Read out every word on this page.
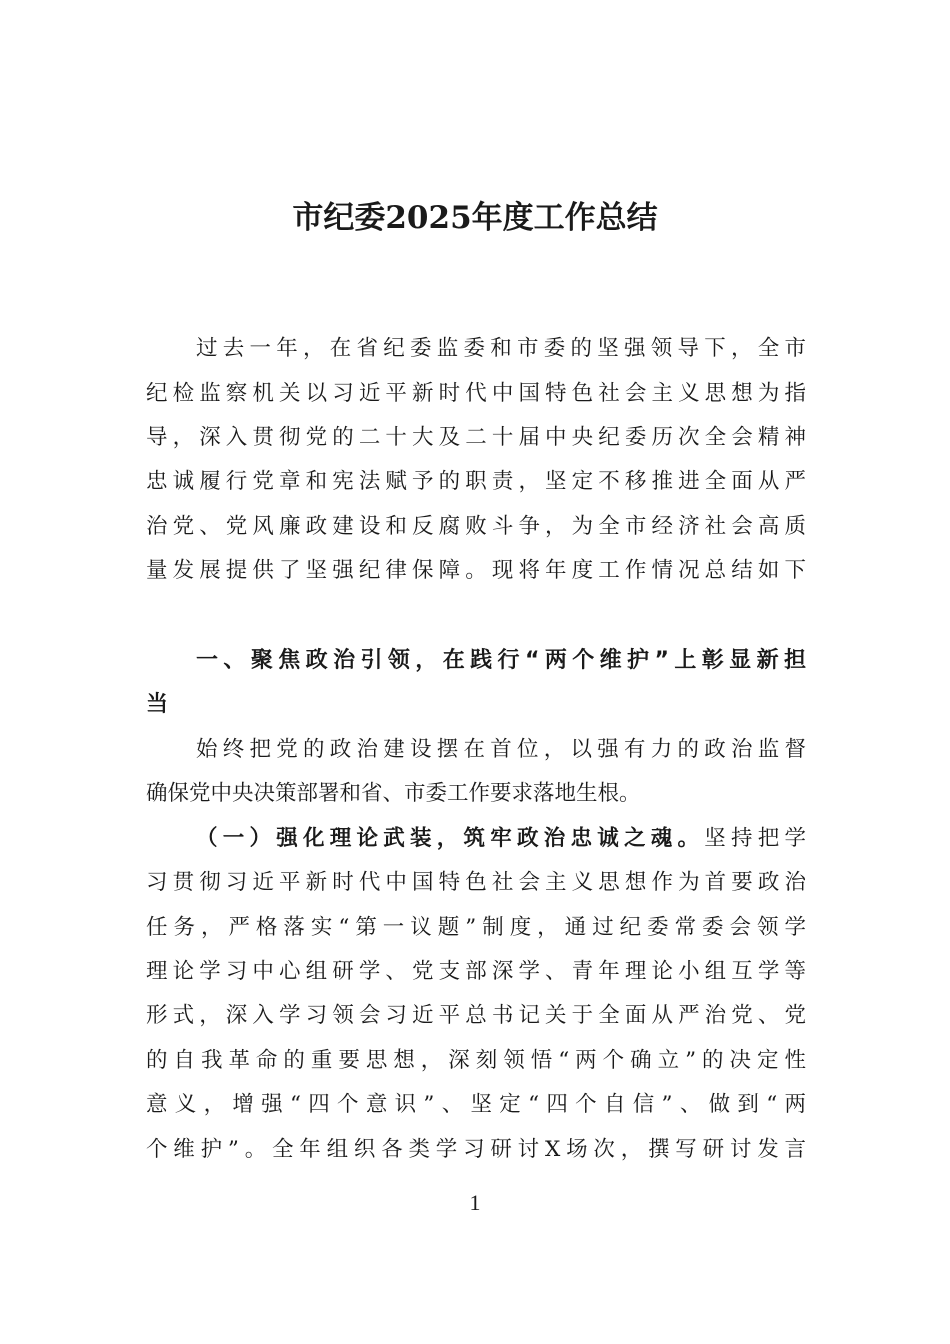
市纪委2025年度工作总结
过去一年，在省纪委监委和市委的坚强领导下，全市
纪检监察机关以习近平新时代中国特色社会主义思想为指
导，深入贯彻党的二十大及二十届中央纪委历次全会精神
忠诚履行党章和宪法赋予的职责，坚定不移推进全面从严
治党、党风廉政建设和反腐败斗争，为全市经济社会高质
量发展提供了坚强纪律保障。现将年度工作情况总结如下
一、聚焦政治引领，在践行“两个维护”上彰显新担
当
始终把党的政治建设摆在首位，以强有力的政治监督
确保党中央决策部署和省、市委工作要求落地生根。
（一）强化理论武装，筑牢政治忠诚之魂。坚持把学
习贯彻习近平新时代中国特色社会主义思想作为首要政治
任务，严格落实“第一议题”制度，通过纪委常委会领学
理论学习中心组研学、党支部深学、青年理论小组互学等
形式，深入学习领会习近平总书记关于全面从严治党、党
的自我革命的重要思想，深刻领悟“两个确立”的决定性
意义，增强“四个意识”、坚定“四个自信”、做到“两
个维护”。全年组织各类学习研讨X场次，撰写研讨发言
1
